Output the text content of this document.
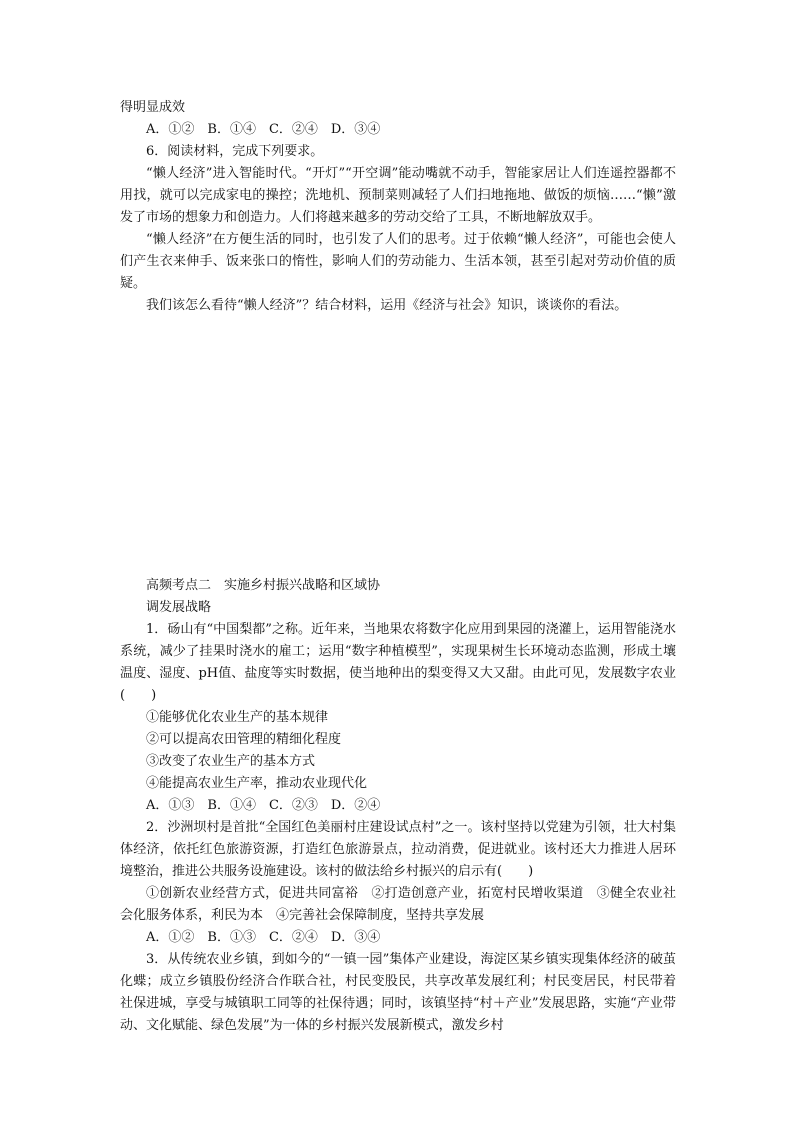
得明显成效

A．①②　B．①④　C．②④　D．③④

6．阅读材料，完成下列要求。

“懒人经济”进入智能时代。“开灯”“开空调”能动嘴就不动手，智能家居让人们连遥控器都不用找，就可以完成家电的操控；洗地机、预制菜则减轻了人们扫地拖地、做饭的烦恼……“懒”激发了市场的想象力和创造力。人们将越来越多的劳动交给了工具，不断地解放双手。

“懒人经济”在方便生活的同时，也引发了人们的思考。过于依赖“懒人经济”，可能也会使人们产生衣来伸手、饭来张口的惰性，影响人们的劳动能力、生活本领，甚至引起对劳动价值的质疑。

我们该怎么看待“懒人经济”？结合材料，运用《经济与社会》知识，谈谈你的看法。

高频考点二　实施乡村振兴战略和区域协

调发展战略

1．砀山有“中国梨都”之称。近年来，当地果农将数字化应用到果园的浇灌上，运用智能浇水系统，减少了挂果时浇水的雇工；运用“数字种植模型”，实现果树生长环境动态监测，形成土壤温度、湿度、pH值、盐度等实时数据，使当地种出的梨变得又大又甜。由此可见，发展数字农业(　　)

①能够优化农业生产的基本规律

②可以提高农田管理的精细化程度

③改变了农业生产的基本方式

④能提高农业生产率，推动农业现代化

A．①③　B．①④　C．②③　D．②④

2．沙洲坝村是首批“全国红色美丽村庄建设试点村”之一。该村坚持以党建为引领，壮大村集体经济，依托红色旅游资源，打造红色旅游景点，拉动消费，促进就业。该村还大力推进人居环境整治，推进公共服务设施建设。该村的做法给乡村振兴的启示有(　　)

①创新农业经营方式，促进共同富裕　②打造创意产业，拓宽村民增收渠道　③健全农业社会化服务体系，利民为本　④完善社会保障制度，坚持共享发展

A．①②　B．①③　C．②④　D．③④

3．从传统农业乡镇，到如今的“一镇一园”集体产业建设，海淀区某乡镇实现集体经济的破茧化蝶；成立乡镇股份经济合作联合社，村民变股民，共享改革发展红利；村民变居民，村民带着社保进城，享受与城镇职工同等的社保待遇；同时，该镇坚持“村＋产业”发展思路，实施“产业带动、文化赋能、绿色发展”为一体的乡村振兴发展新模式，激发乡村
